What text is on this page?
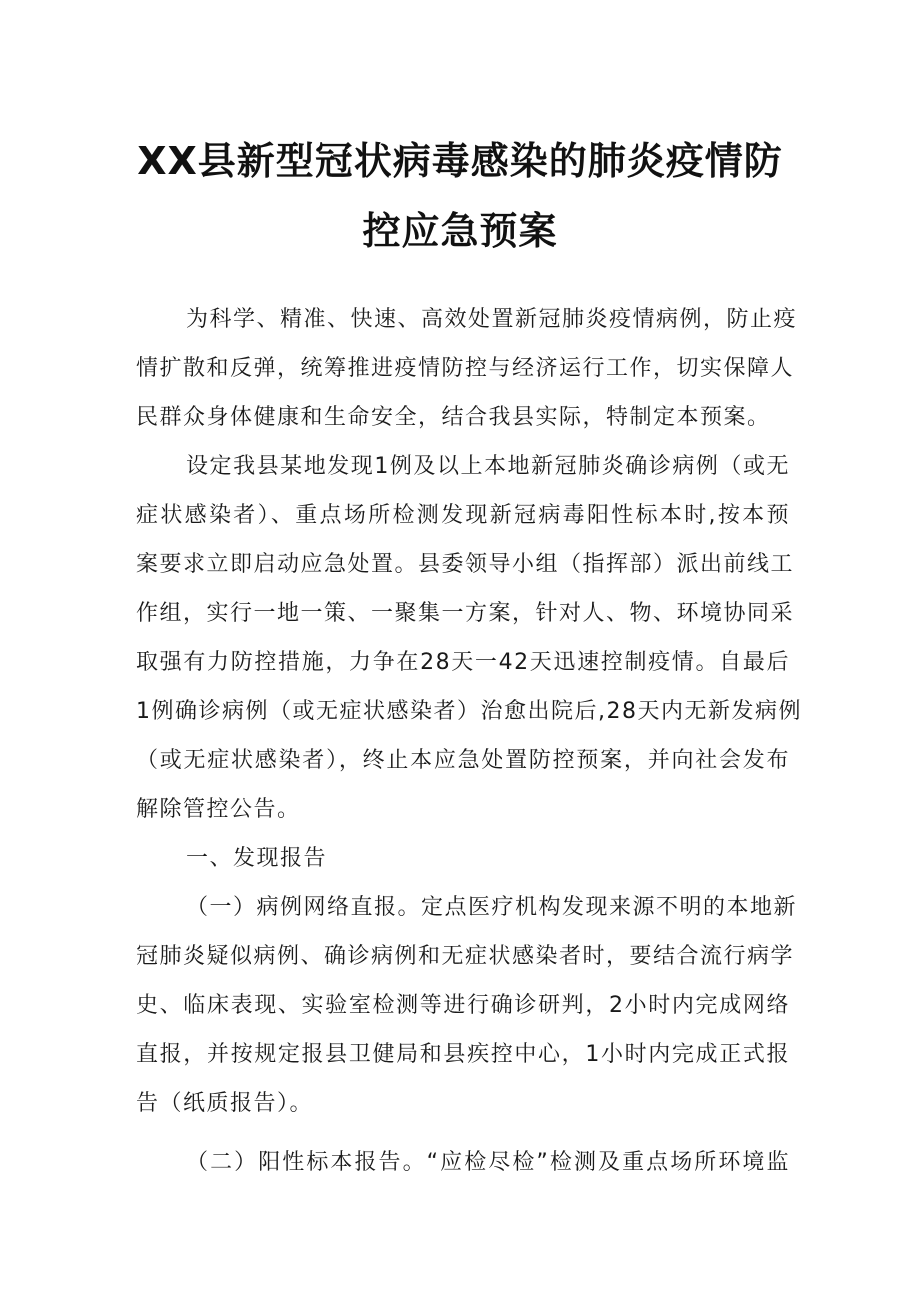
XX县新型冠状病毒感染的肺炎疫情防
控应急预案
为科学、精准、快速、高效处置新冠肺炎疫情病例，防止疫
情扩散和反弹，统筹推进疫情防控与经济运行工作，切实保障人
民群众身体健康和生命安全，结合我县实际，特制定本预案。
设定我县某地发现1例及以上本地新冠肺炎确诊病例（或无
症状感染者）、重点场所检测发现新冠病毒阳性标本时,按本预
案要求立即启动应急处置。县委领导小组（指挥部）派出前线工
作组，实行一地一策、一聚集一方案，针对人、物、环境协同采
取强有力防控措施，力争在28天一42天迅速控制疫情。自最后
1例确诊病例（或无症状感染者）治愈出院后,28天内无新发病例
（或无症状感染者），终止本应急处置防控预案，并向社会发布
解除管控公告。
一、发现报告
（一）病例网络直报。定点医疗机构发现来源不明的本地新
冠肺炎疑似病例、确诊病例和无症状感染者时，要结合流行病学
史、临床表现、实验室检测等进行确诊研判，2小时内完成网络
直报，并按规定报县卫健局和县疾控中心，1小时内完成正式报
告（纸质报告）。
（二）阳性标本报告。“应检尽检”检测及重点场所环境监
